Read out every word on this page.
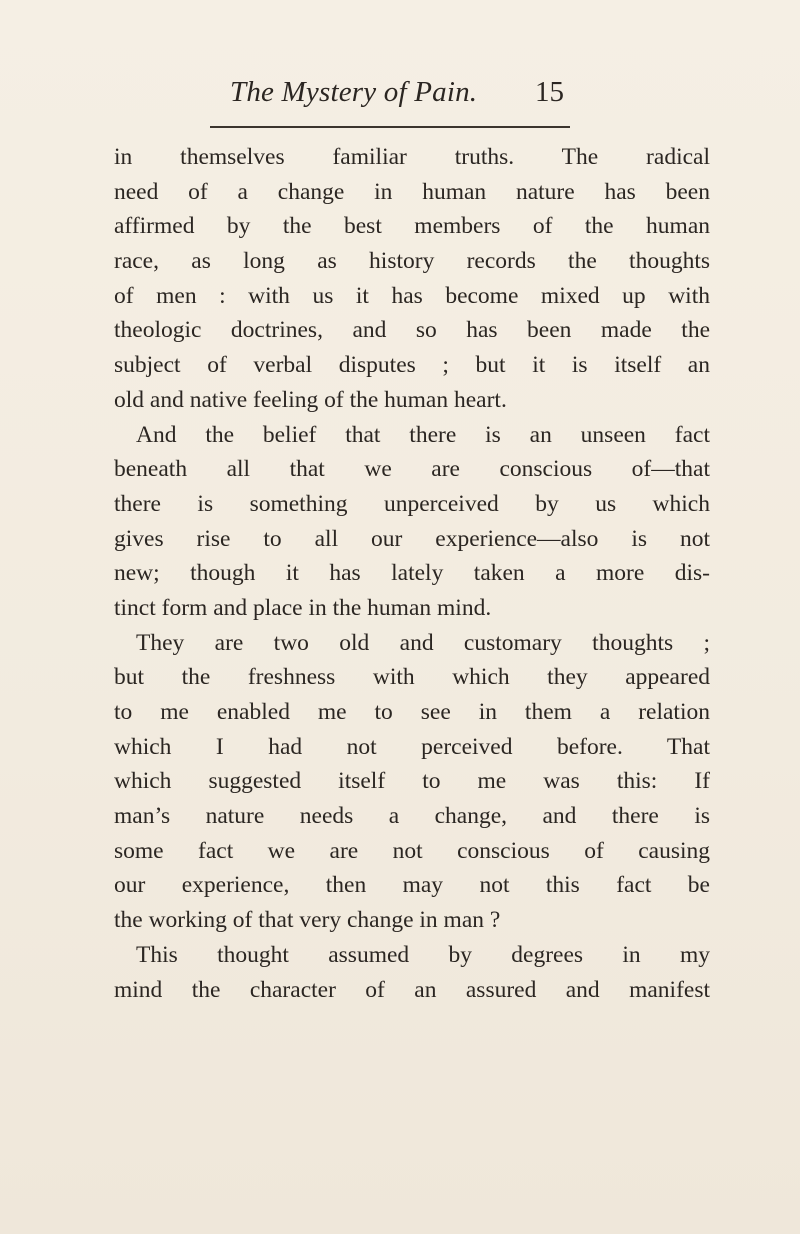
The Mystery of Pain. 15
in themselves familiar truths. The radical
need of a change in human nature has been
affirmed by the best members of the human
race, as long as history records the thoughts
of men : with us it has become mixed up with
theologic doctrines, and so has been made the
subject of verbal disputes ; but it is itself an
old and native feeling of the human heart.
And the belief that there is an unseen fact
beneath all that we are conscious of—that
there is something unperceived by us which
gives rise to all our experience—also is not
new; though it has lately taken a more dis-
tinct form and place in the human mind.
They are two old and customary thoughts ;
but the freshness with which they appeared
to me enabled me to see in them a relation
which I had not perceived before. That
which suggested itself to me was this: If
man’s nature needs a change, and there is
some fact we are not conscious of causing
our experience, then may not this fact be
the working of that very change in man ?
This thought assumed by degrees in my
mind the character of an assured and manifest
